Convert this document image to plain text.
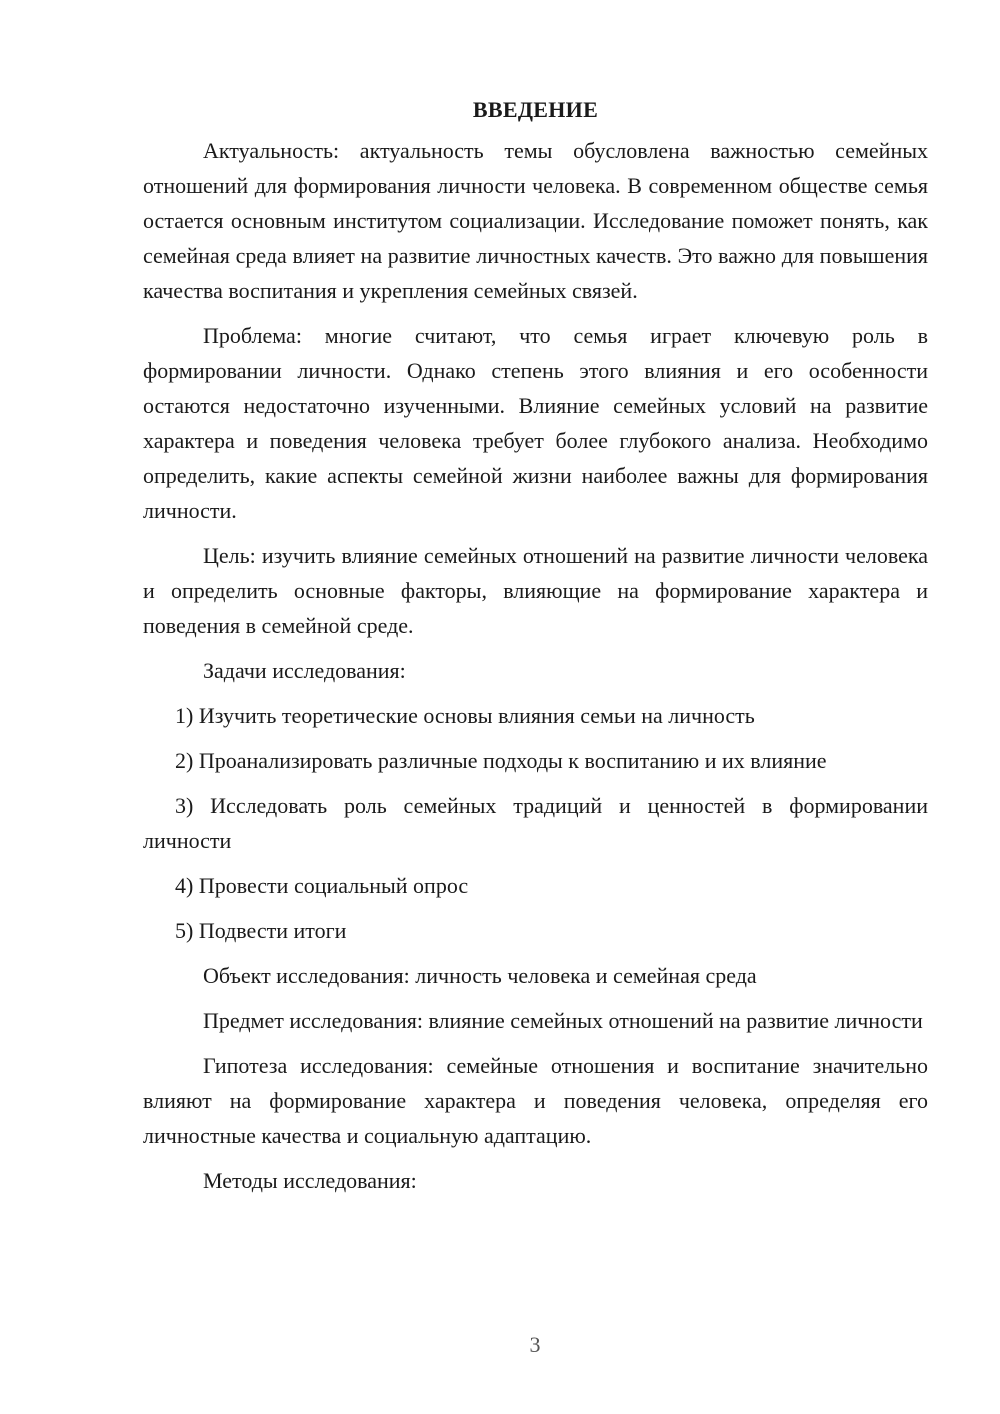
ВВЕДЕНИЕ

Актуальность: актуальность темы обусловлена важностью семейных отношений для формирования личности человека. В современном обществе семья остается основным институтом социализации. Исследование поможет понять, как семейная среда влияет на развитие личностных качеств. Это важно для повышения качества воспитания и укрепления семейных связей.

Проблема: многие считают, что семья играет ключевую роль в формировании личности. Однако степень этого влияния и его особенности остаются недостаточно изученными. Влияние семейных условий на развитие характера и поведения человека требует более глубокого анализа. Необходимо определить, какие аспекты семейной жизни наиболее важны для формирования личности.

Цель: изучить влияние семейных отношений на развитие личности человека и определить основные факторы, влияющие на формирование характера и поведения в семейной среде.

Задачи исследования:

1) Изучить теоретические основы влияния семьи на личность

2) Проанализировать различные подходы к воспитанию и их влияние

3) Исследовать роль семейных традиций и ценностей в формировании личности

4) Провести социальный опрос

5) Подвести итоги

Объект исследования: личность человека и семейная среда

Предмет исследования: влияние семейных отношений на развитие личности

Гипотеза исследования: семейные отношения и воспитание значительно влияют на формирование характера и поведения человека, определяя его личностные качества и социальную адаптацию.

Методы исследования:

3
